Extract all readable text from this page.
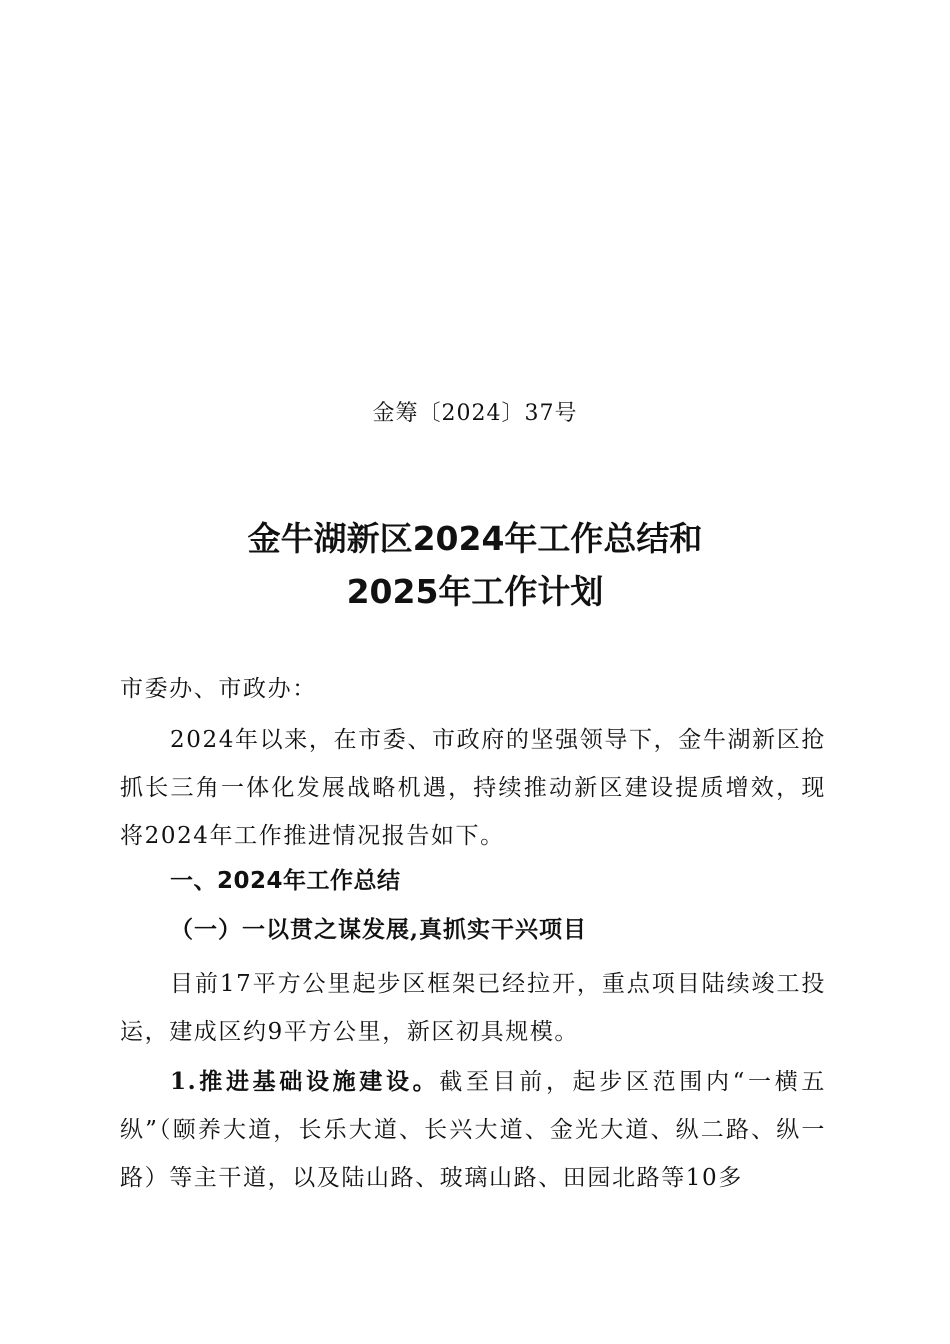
金筹〔2024〕37号
金牛湖新区2024年工作总结和
2025年工作计划
市委办、市政办：

2024年以来，在市委、市政府的坚强领导下，金牛湖新区抢抓长三角一体化发展战略机遇，持续推动新区建设提质增效，现将2024年工作推进情况报告如下。

一、2024年工作总结
（一）一以贯之谋发展,真抓实干兴项目

目前17平方公里起步区框架已经拉开，重点项目陆续竣工投运，建成区约9平方公里，新区初具规模。

1.推进基础设施建设。截至目前，起步区范围内“一横五纵”（颐养大道，长乐大道、长兴大道、金光大道、纵二路、纵一路）等主干道，以及陆山路、玻璃山路、田园北路等10多
